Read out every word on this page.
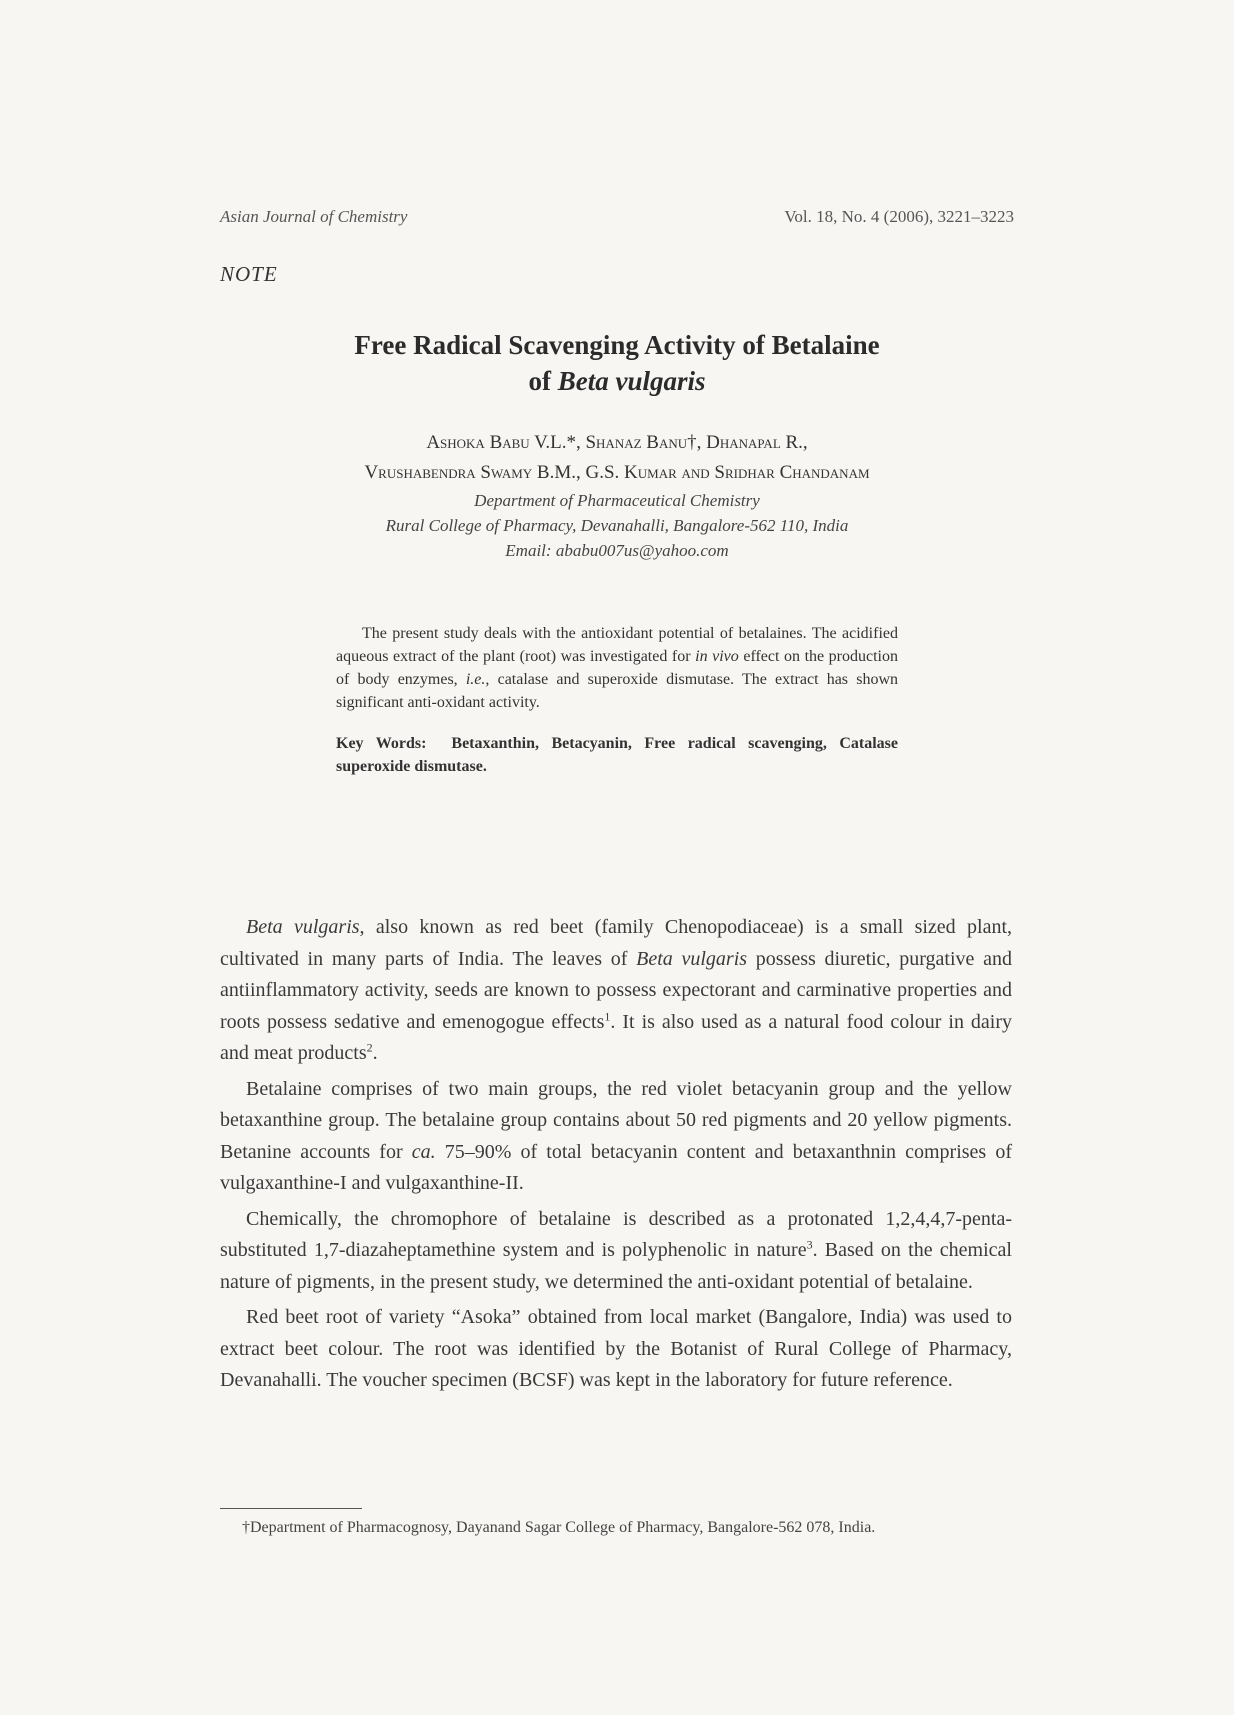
Asian Journal of Chemistry	Vol. 18, No. 4 (2006), 3221–3223
NOTE
Free Radical Scavenging Activity of Betalaine
of Beta vulgaris
Ashoka Babu V.L.*, Shanaz Banu†, Dhanapal R.,
Vrushabendra Swamy B.M., G.S. Kumar and Sridhar Chandanam
Department of Pharmaceutical Chemistry
Rural College of Pharmacy, Devanahalli, Bangalore-562 110, India
Email: ababu007us@yahoo.com

The present study deals with the antioxidant potential of betalaines. The acidified aqueous extract of the plant (root) was investigated for in vivo effect on the production of body enzymes, i.e., catalase and superoxide dismutase. The extract has shown significant anti-oxidant activity.

Key Words: Betaxanthin, Betacyanin, Free radical scavenging, Catalase superoxide dismutase.

Beta vulgaris, also known as red beet (family Chenopodiaceae) is a small sized plant, cultivated in many parts of India. The leaves of Beta vulgaris possess diuretic, purgative and antiinflammatory activity, seeds are known to possess expectorant and carminative properties and roots possess sedative and emenogogue effects$^1$. It is also used as a natural food colour in dairy and meat products$^2$.

Betalaine comprises of two main groups, the red violet betacyanin group and the yellow betaxanthine group. The betalaine group contains about 50 red pigments and 20 yellow pigments. Betanine accounts for ca. 75–90% of total betacyanin content and betaxanthnin comprises of vulgaxanthine-I and vulgaxanthine-II.

Chemically, the chromophore of betalaine is described as a protonated 1,2,4,4,7-penta-substituted 1,7-diazaheptamethine system and is polyphenolic in nature$^3$. Based on the chemical nature of pigments, in the present study, we determined the anti-oxidant potential of betalaine.

Red beet root of variety “Asoka” obtained from local market (Bangalore, India) was used to extract beet colour. The root was identified by the Botanist of Rural College of Pharmacy, Devanahalli. The voucher specimen (BCSF) was kept in the laboratory for future reference.

†Department of Pharmacognosy, Dayanand Sagar College of Pharmacy, Bangalore-562 078, India.
